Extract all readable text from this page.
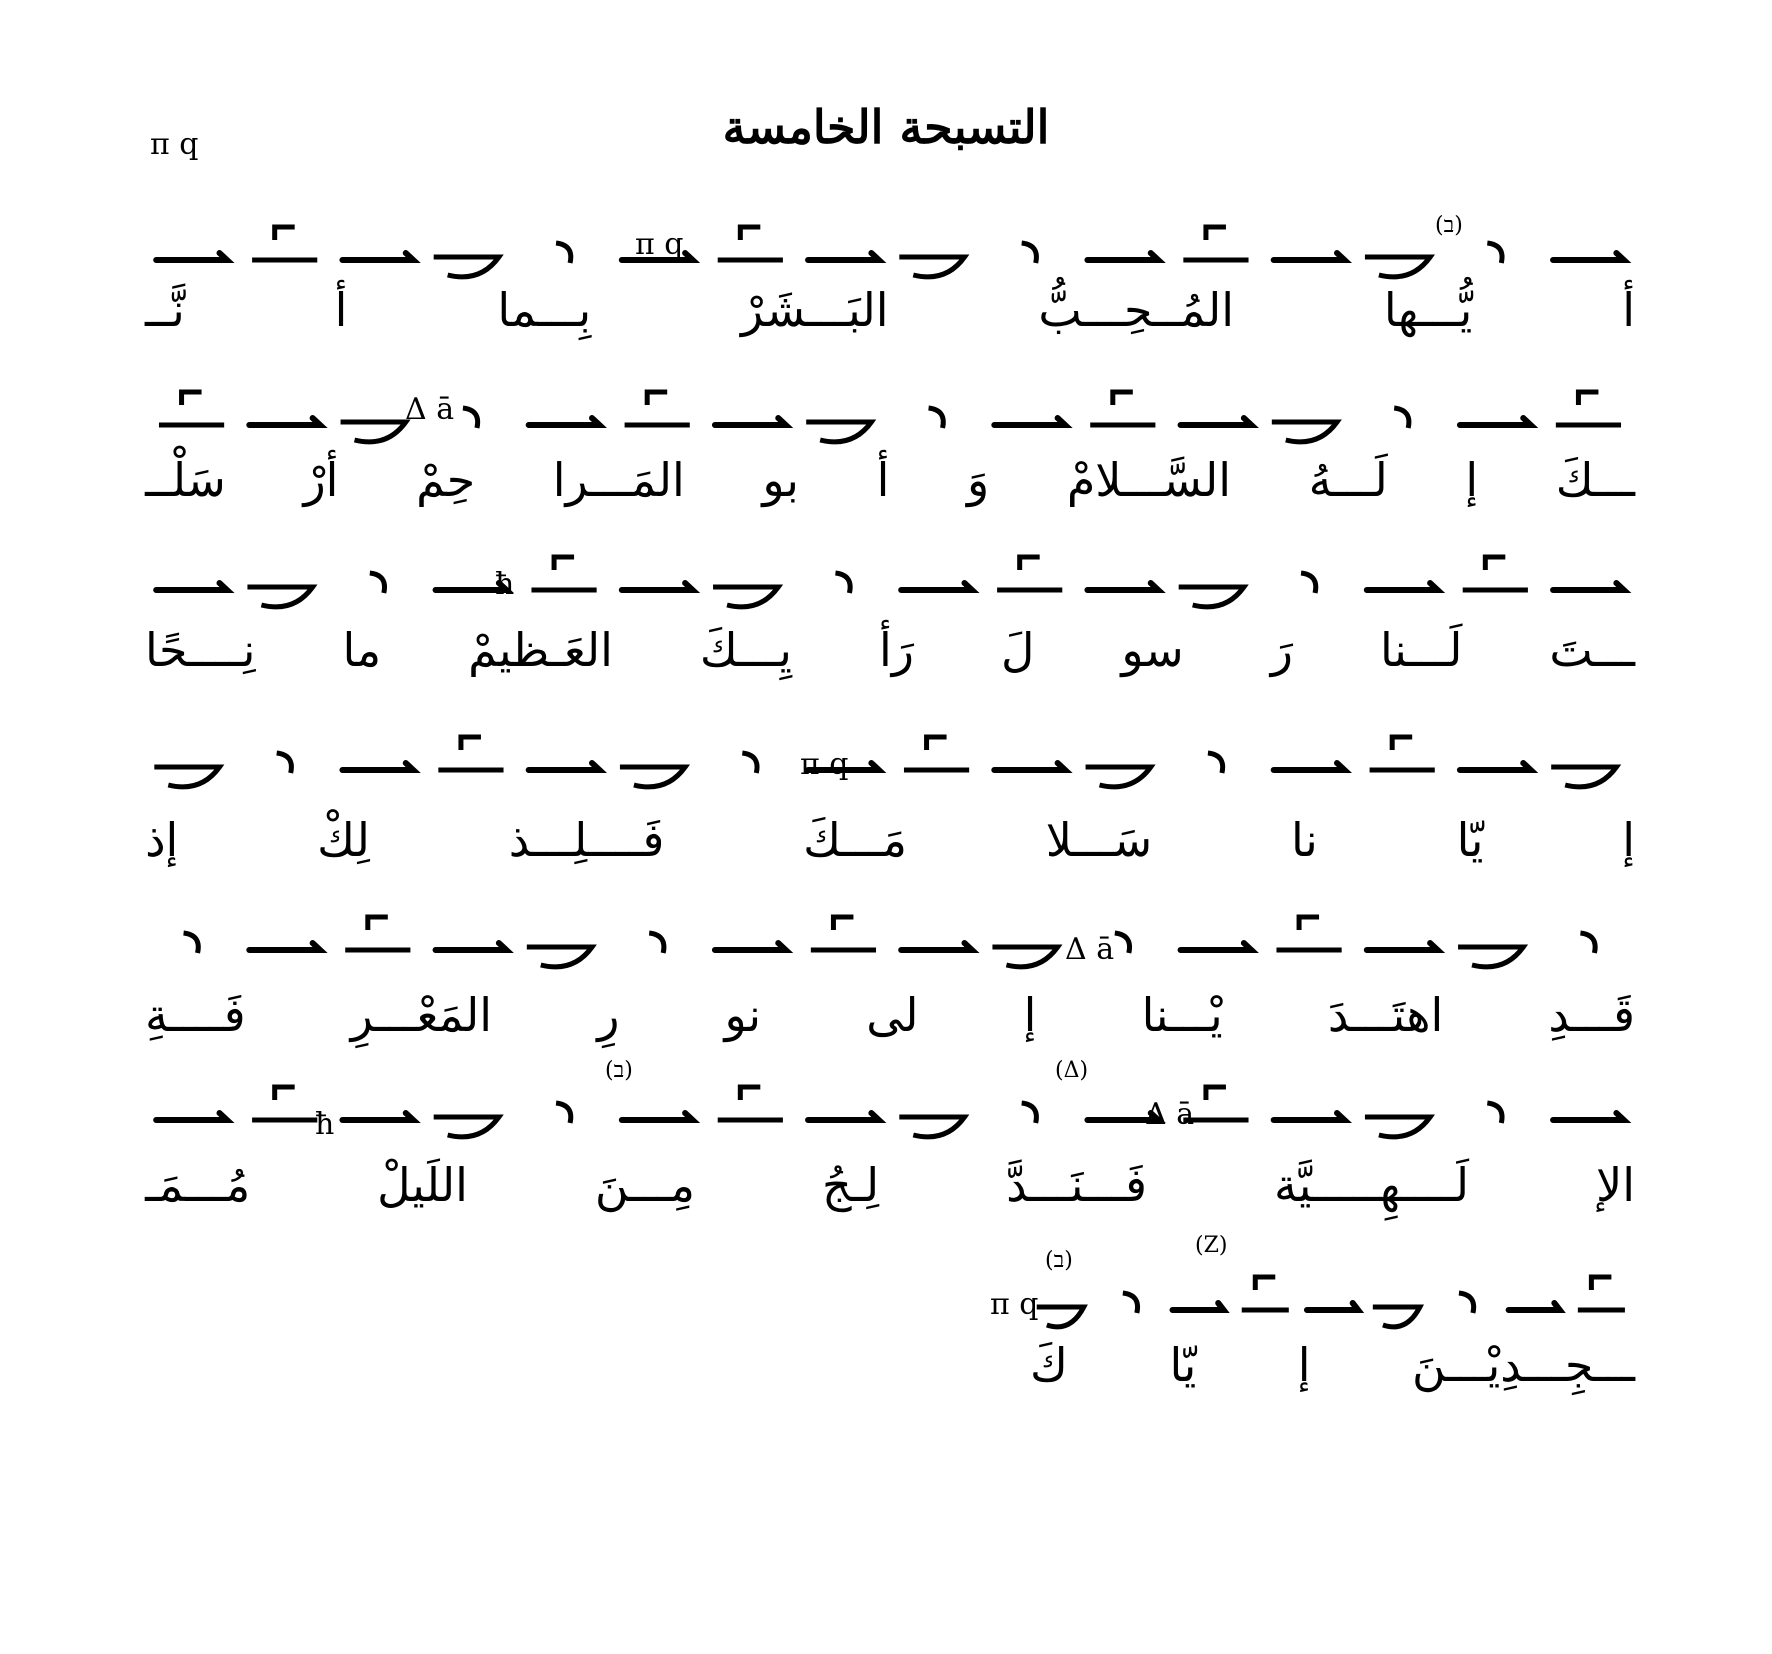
التسبحة الخامسة
أ
يُّـــها
المُــحِـــبُّ
البَـــشَرْ
بِـــما
أ
نَّــ
ـــكَ
إ
لَـــهُ
السَّـــلامْ
وَ
أ
بو
المَـــرا
حِمْ
أرْ
سَلْــ
ـــتَ
لَـــنا
رَ
سو
لَ
رَأ
يِـــكَ
العَـظيمْ
ما
نِــــحًا
إ
يّا
نا
سَـــلا
مَـــكَ
فَــــلِـــذ
لِكْ
إذ
قَـــدِ
اهتَـــدَ
يْـــنا
إ
لى
نو
رِ
المَعْـــرِ
فَــــةِ
الإ
لَــــهِـــــيَّة
فَـــنَـــدَّ
لِـجُ
مِـــنَ
اللَيلْ
مُـــمَـ
ـــجِـــدِيْـــنَ
إ
يّا
كَ
π q
π q
Δ ā
ħ
π q
Δ ā
Δ ā
ħ
π q
(ב)
(Δ)
(ב)
(ב)
(Z)
